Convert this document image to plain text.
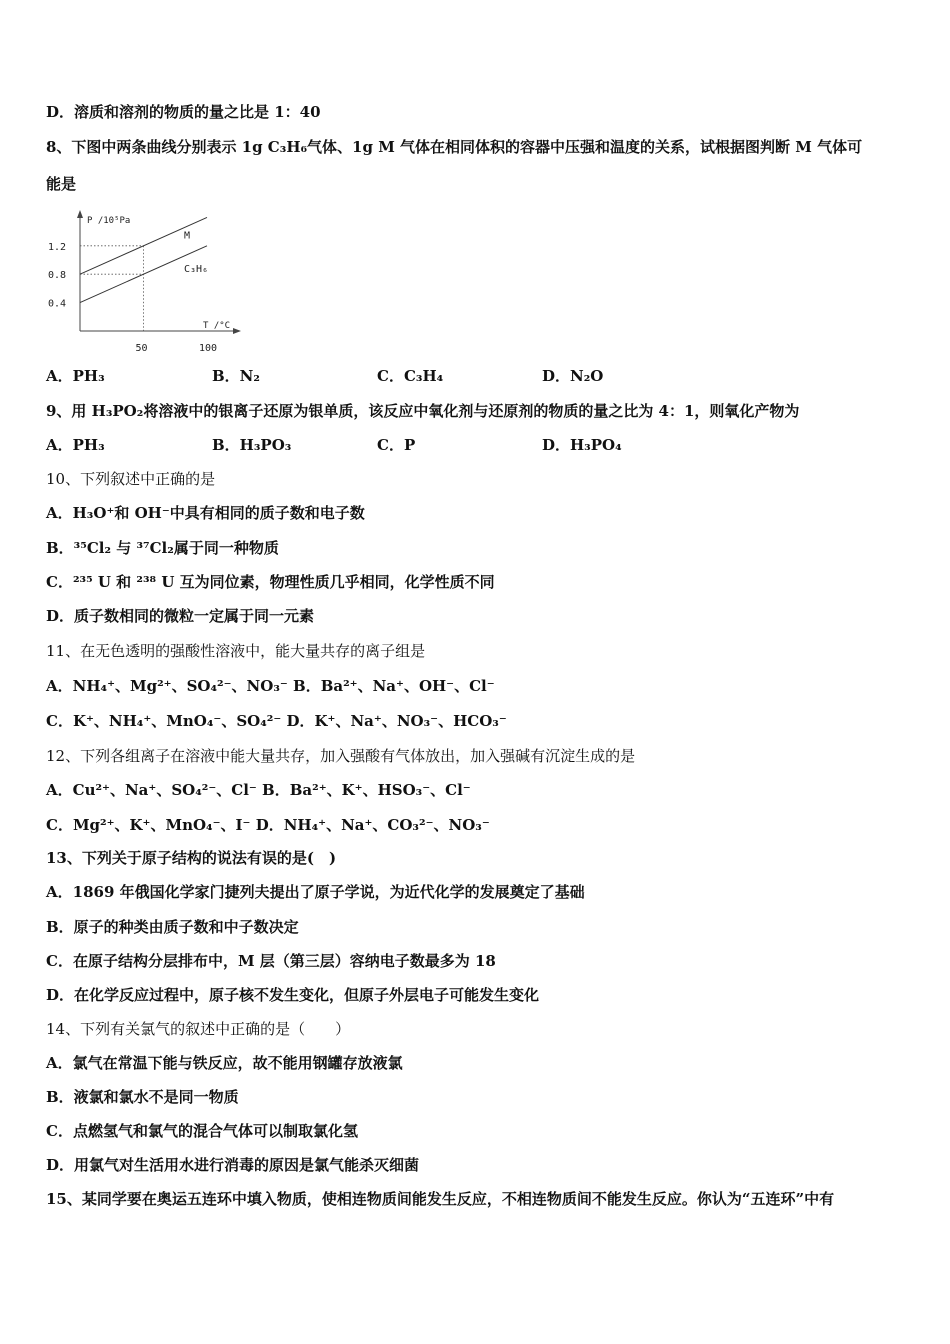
D．溶质和溶剂的物质的量之比是 1：40
8、下图中两条曲线分别表示 1g C₃H₆气体、1g M 气体在相同体积的容器中压强和温度的关系，试根据图判断 M 气体可
能是
P /10⁵Pa
T /°C
1.2
0.8
0.4
50	100
M
C₃H₆
A．PH₃	B．N₂	C．C₃H₄	D．N₂O
9、用 H₃PO₂将溶液中的银离子还原为银单质，该反应中氧化剂与还原剂的物质的量之比为 4：1，则氧化产物为
A．PH₃	B．H₃PO₃	C．P	D．H₃PO₄
10、下列叙述中正确的是
A．H₃O⁺和 OH⁻中具有相同的质子数和电子数
B．³⁵Cl₂ 与 ³⁷Cl₂属于同一种物质
C．²³⁵ U 和 ²³⁸ U 互为同位素，物理性质几乎相同，化学性质不同
D．质子数相同的微粒一定属于同一元素
11、在无色透明的强酸性溶液中，能大量共存的离子组是
A．NH₄⁺、Mg²⁺、SO₄²⁻、NO₃⁻ B．Ba²⁺、Na⁺、OH⁻、Cl⁻
C．K⁺、NH₄⁺、MnO₄⁻、SO₄²⁻ D．K⁺、Na⁺、NO₃⁻、HCO₃⁻
12、下列各组离子在溶液中能大量共存，加入强酸有气体放出，加入强碱有沉淀生成的是
A．Cu²⁺、Na⁺、SO₄²⁻、Cl⁻ B．Ba²⁺、K⁺、HSO₃⁻、Cl⁻
C．Mg²⁺、K⁺、MnO₄⁻、I⁻ D．NH₄⁺、Na⁺、CO₃²⁻、NO₃⁻
13、下列关于原子结构的说法有误的是(　)
A．1869 年俄国化学家门捷列夫提出了原子学说，为近代化学的发展奠定了基础
B．原子的种类由质子数和中子数决定
C．在原子结构分层排布中，M 层（第三层）容纳电子数最多为 18
D．在化学反应过程中，原子核不发生变化，但原子外层电子可能发生变化
14、下列有关氯气的叙述中正确的是（　　）
A．氯气在常温下能与铁反应，故不能用钢罐存放液氯
B．液氯和氯水不是同一物质
C．点燃氢气和氯气的混合气体可以制取氯化氢
D．用氯气对生活用水进行消毒的原因是氯气能杀灭细菌
15、某同学要在奥运五连环中填入物质，使相连物质间能发生反应，不相连物质间不能发生反应。你认为“五连环”中有
